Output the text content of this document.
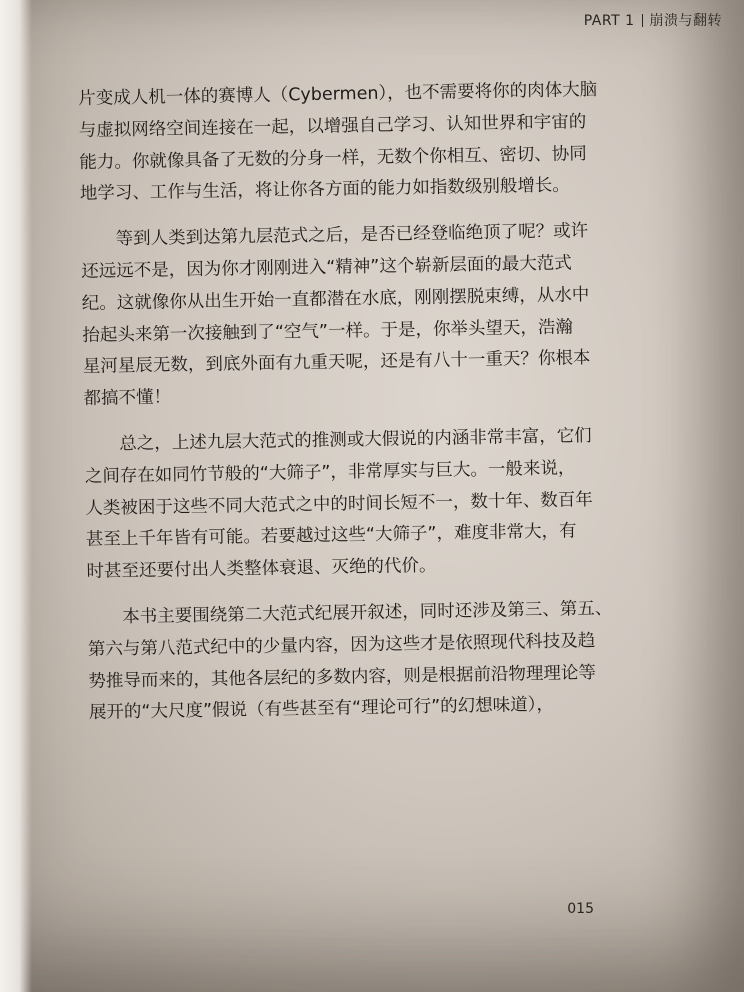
PART 1 崩溃与翻转
片变成人机一体的赛博人（Cybermen），也不需要将你的肉体大脑
与虚拟网络空间连接在一起，以增强自己学习、认知世界和宇宙的
能力。你就像具备了无数的分身一样，无数个你相互、密切、协同
地学习、工作与生活，将让你各方面的能力如指数级别般增长。
等到人类到达第九层范式之后，是否已经登临绝顶了呢？或许
还远远不是，因为你才刚刚进入“精神”这个崭新层面的最大范式
纪。这就像你从出生开始一直都潜在水底，刚刚摆脱束缚，从水中
抬起头来第一次接触到了“空气”一样。于是，你举头望天，浩瀚
星河星辰无数，到底外面有九重天呢，还是有八十一重天？你根本
都搞不懂！
总之，上述九层大范式的推测或大假说的内涵非常丰富，它们
之间存在如同竹节般的“大筛子”，非常厚实与巨大。一般来说，
人类被困于这些不同大范式之中的时间长短不一，数十年、数百年
甚至上千年皆有可能。若要越过这些“大筛子”，难度非常大，有
时甚至还要付出人类整体衰退、灭绝的代价。
本书主要围绕第二大范式纪展开叙述，同时还涉及第三、第五、
第六与第八范式纪中的少量内容，因为这些才是依照现代科技及趋
势推导而来的，其他各层纪的多数内容，则是根据前沿物理理论等
展开的“大尺度”假说（有些甚至有“理论可行”的幻想味道），
015
